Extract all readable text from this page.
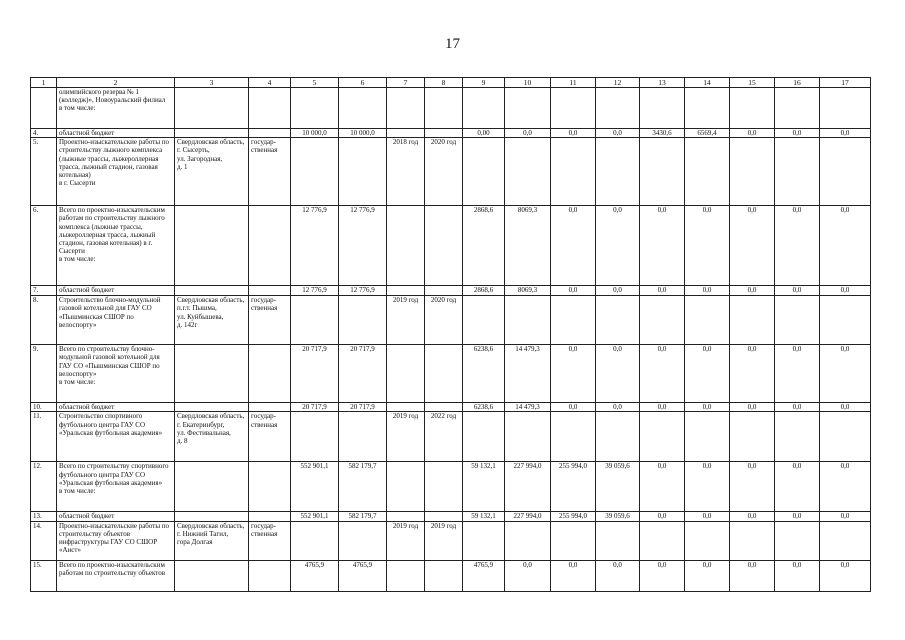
17
1	2	3	4	5	6	7	8	9	10	11	12	13	14	15	16	17
	олимпийского резерва № 1 (колледж)», Новоуральский филиал
в том числе:															
4.	областной бюджет			10 000,0	10 000,0			0,00	0,0	0,0	0,0	3430,6	6569,4	0,0	0,0	0,0
5.	Проектно-изыскательские работы по строительству лыжного комплекса (лыжные трассы, лыжероллерная трасса, лыжный стадион, газовая котельная)
в г. Сысерти	Свердловская область,
г. Сысерть,
ул. Загородная,
д. 1	государ-
ственная			2018 год	2020 год									
6.	Всего по проектно-изыскательским работам по строительству лыжного комплекса (лыжные трассы, лыжероллерная трасса, лыжный стадион, газовая котельная) в г. Сысерти
в том числе:			12 776,9	12 776,9			2868,6	8069,3	0,0	0,0	0,0	0,0	0,0	0,0	0,0
7.	областной бюджет			12 776,9	12 776,9			2868,6	8069,3	0,0	0,0	0,0	0,0	0,0	0,0	0,0
8.	Строительство блочно-модульной газовой котельной для ГАУ СО «Пышминская СШОР по велоспорту»	Свердловская область,
п.г.т. Пышма,
ул. Куйбышева,
д. 142г	государ-
ственная			2019 год	2020 год									
9.	Всего по строительству блочно-модульной газовой котельной для ГАУ СО «Пышминская СШОР по велоспорту»
в том числе:			20 717,9	20 717,9			6238,6	14 479,3	0,0	0,0	0,0	0,0	0,0	0,0	0,0
10.	областной бюджет			20 717,9	20 717,9			6238,6	14 479,3	0,0	0,0	0,0	0,0	0,0	0,0	0,0
11.	Строительство спортивного футбольного центра ГАУ СО «Уральская футбольная академия»	Свердловская область,
г. Екатеринбург,
ул. Фестивальная,
д. 8	государ-
ственная			2019 год	2022 год									
12.	Всего по строительству спортивного футбольного центра ГАУ СО «Уральская футбольная академия»
в том числе:			552 901,1	582 179,7			59 132,1	227 994,0	255 994,0	39 059,6	0,0	0,0	0,0	0,0	0,0
13.	областной бюджет			552 901,1	582 179,7			59 132,1	227 994,0	255 994,0	39 059,6	0,0	0,0	0,0	0,0	0,0
14.	Проектно-изыскательские работы по строительству объектов инфраструктуры ГАУ СО СШОР «Аист»	Свердловская область,
г. Нижний Тагил,
гора Долгая	государ-
ственная			2019 год	2019 год									
15.	Всего по проектно-изыскательским работам по строительству объектов			4765,9	4765,9			4765,9	0,0	0,0	0,0	0,0	0,0	0,0	0,0	0,0
